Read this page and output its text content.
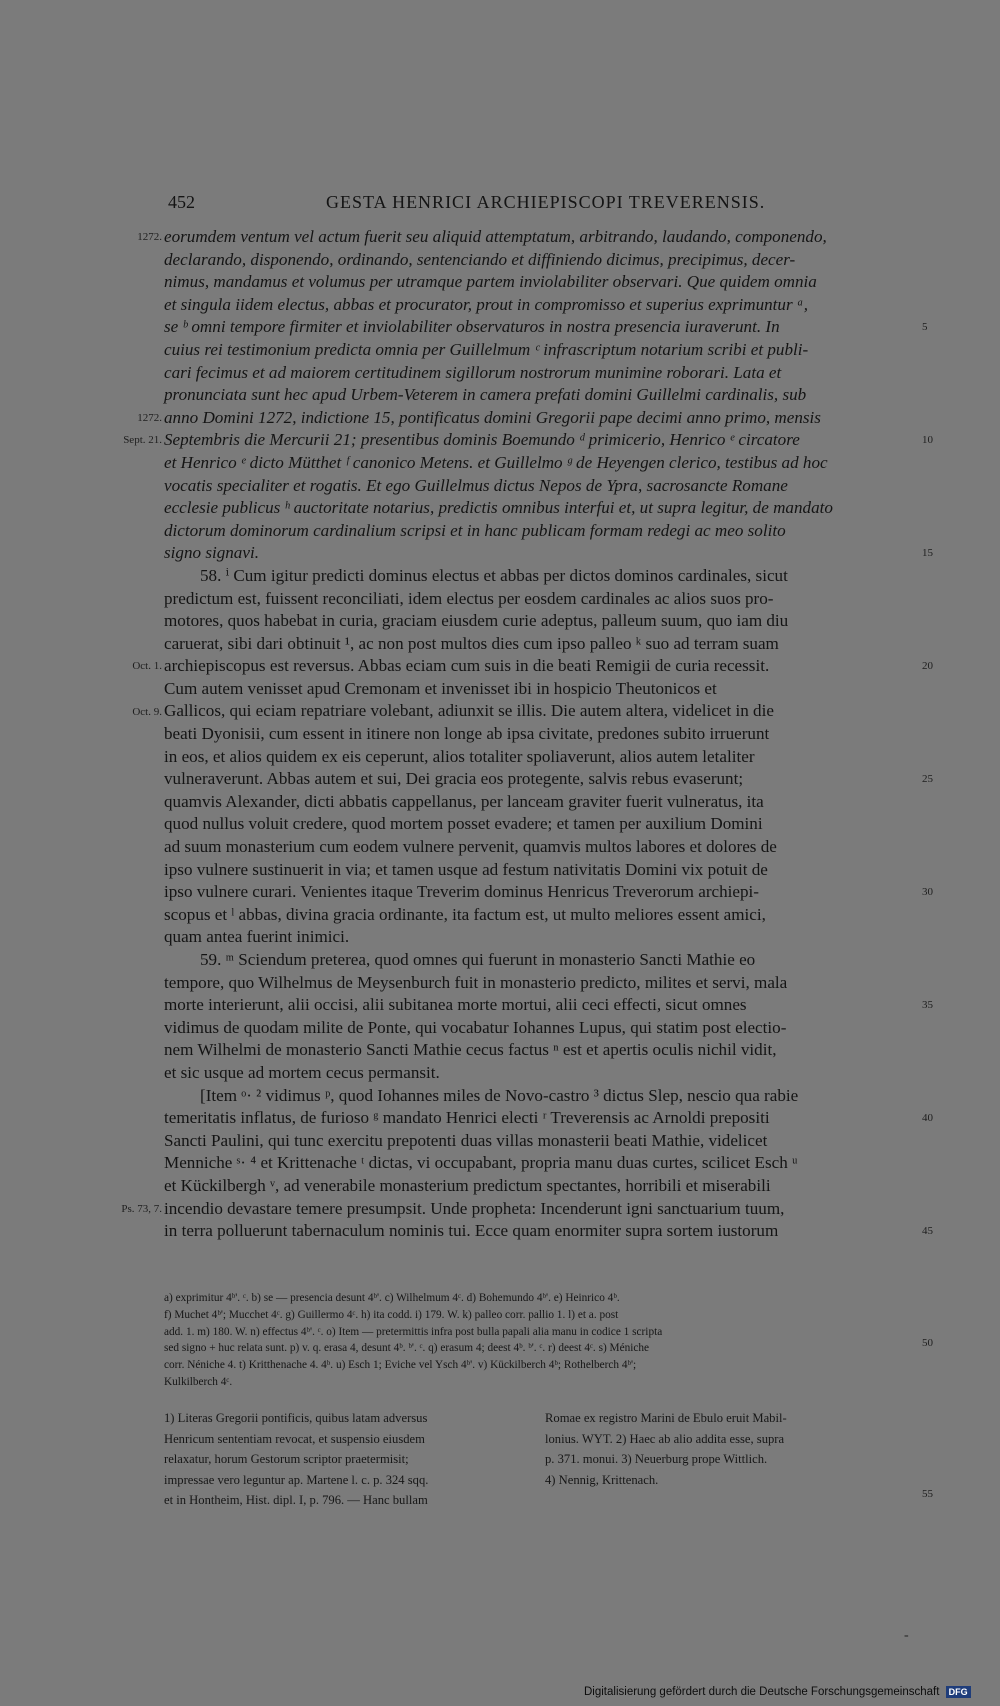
452	GESTA HENRICI ARCHIEPISCOPI TREVERENSIS.
eorumdem ventum vel actum fuerit seu aliquid attemptatum, arbitrando, laudando, componendo,
declarando, disponendo, ordinando, sentenciando et diffiniendo dicimus, precipimus, decer-
nimus, mandamus et volumus per utramque partem inviolabiliter observari. Que quidem omnia
et singula iidem electus, abbas et procurator, prout in compromisso et superius exprimuntur ᵃ,
se ᵇ omni tempore firmiter et inviolabiliter observaturos in nostra presencia iuraverunt. In
cuius rei testimonium predicta omnia per Guillelmum ᶜ infrascriptum notarium scribi et publi-
cari fecimus et ad maiorem certitudinem sigillorum nostrorum munimine roborari. Lata et
pronunciata sunt hec apud Urbem-Veterem in camera prefati domini Guillelmi cardinalis, sub
anno Domini 1272, indictione 15, pontificatus domini Gregorii pape decimi anno primo, mensis
Septembris die Mercurii 21; presentibus dominis Boemundo ᵈ primicerio, Henrico ᵉ circatore
et Henrico ᵉ dicto Mütthet ᶠ canonico Metens. et Guillelmo ᵍ de Heyengen clerico, testibus ad hoc
vocatis specialiter et rogatis. Et ego Guillelmus dictus Nepos de Ypra, sacrosancte Romane
ecclesie publicus ʰ auctoritate notarius, predictis omnibus interfui et, ut supra legitur, de mandato
dictorum dominorum cardinalium scripsi et in hanc publicam formam redegi ac meo solito
signo signavi.
58. ⁱ Cum igitur predicti dominus electus et abbas per dictos dominos cardinales, sicut
predictum est, fuissent reconciliati, idem electus per eosdem cardinales ac alios suos pro-
motores, quos habebat in curia, graciam eiusdem curie adeptus, palleum suum, quo iam diu
caruerat, sibi dari obtinuit ¹, ac non post multos dies cum ipso palleo ᵏ suo ad terram suam
archiepiscopus est reversus. Abbas eciam cum suis in die beati Remigii de curia recessit.
Cum autem venisset apud Cremonam et invenisset ibi in hospicio Theutonicos et
Gallicos, qui eciam repatriare volebant, adiunxit se illis. Die autem altera, videlicet in die
beati Dyonisii, cum essent in itinere non longe ab ipsa civitate, predones subito irruerunt
in eos, et alios quidem ex eis ceperunt, alios totaliter spoliaverunt, alios autem letaliter
vulneraverunt. Abbas autem et sui, Dei gracia eos protegente, salvis rebus evaserunt;
quamvis Alexander, dicti abbatis cappellanus, per lanceam graviter fuerit vulneratus, ita
quod nullus voluit credere, quod mortem posset evadere; et tamen per auxilium Domini
ad suum monasterium cum eodem vulnere pervenit, quamvis multos labores et dolores de
ipso vulnere sustinuerit in via; et tamen usque ad festum nativitatis Domini vix potuit de
ipso vulnere curari. Venientes itaque Treverim dominus Henricus Treverorum archiepi-
scopus et ˡ abbas, divina gracia ordinante, ita factum est, ut multo meliores essent amici,
quam antea fuerint inimici.
59. ᵐ Sciendum preterea, quod omnes qui fuerunt in monasterio Sancti Mathie eo
tempore, quo Wilhelmus de Meysenburch fuit in monasterio predicto, milites et servi, mala
morte interierunt, alii occisi, alii subitanea morte mortui, alii ceci effecti, sicut omnes
vidimus de quodam milite de Ponte, qui vocabatur Iohannes Lupus, qui statim post electio-
nem Wilhelmi de monasterio Sancti Mathie cecus factus ⁿ est et apertis oculis nichil vidit,
et sic usque ad mortem cecus permansit.
[Item ᵒ· ² vidimus ᵖ, quod Iohannes miles de Novo-castro ³ dictus Slep, nescio qua rabie
temeritatis inflatus, de furioso ᵍ mandato Henrici electi ʳ Treverensis ac Arnoldi prepositi
Sancti Paulini, qui tunc exercitu prepotenti duas villas monasterii beati Mathie, videlicet
Menniche ˢ· ⁴ et Krittenache ᵗ dictas, vi occupabant, propria manu duas curtes, scilicet Esch ᵘ
et Kückilbergh ᵛ, ad venerabile monasterium predictum spectantes, horribili et miserabili
incendio devastare temere presumpsit. Unde propheta: Incenderunt igni sanctuarium tuum,
in terra polluerunt tabernaculum nominis tui. Ecce quam enormiter supra sortem iustorum
1272.
1272.
Sept. 21.
Oct. 1.
Oct. 9.
Ps. 73, 7.
5
10
15
20
25
30
35
40
45

a) exprimitur 4ᵇ'. ᶜ. b) se — presencia desunt 4ᵇ'. c) Wilhelmum 4ᶜ. d) Bohemundo 4ᵇ'. e) Heinrico 4ᵇ.

f) Muchet 4ᵇ'; Mucchet 4ᶜ. g) Guillermo 4ᶜ. h) ita codd. i) 179. W. k) palleo corr. pallio 1. l) et a. post

add. 1. m) 180. W. n) effectus 4ᵇ'. ᶜ. o) Item — pretermittis infra post bulla papali alia manu in codice 1 scripta

sed signo + huc relata sunt. p) v. q. erasa 4, desunt 4ᵇ. ᵇ'. ᶜ. q) erasum 4; deest 4ᵇ. ᵇ'. ᶜ. r) deest 4ᶜ. s) Méniche

corr. Néniche 4. t) Kritthenache 4. 4ᵇ. u) Esch 1; Eviche vel Ysch 4ᵇ'. v) Kückilberch 4ᵇ; Rothelberch 4ᵇ';

Kulkilberch 4ᶜ.

50

1) Literas Gregorii pontificis, quibus latam adversus

Henricum sententiam revocat, et suspensio eiusdem

relaxatur, horum Gestorum scriptor praetermisit;

impressae vero leguntur ap. Martene l. c. p. 324 sqq.

et in Hontheim, Hist. dipl. I, p. 796. — Hanc bullam

Romae ex registro Marini de Ebulo eruit Mabil-

lonius. WYT. 2) Haec ab alio addita esse, supra

p. 371. monui. 3) Neuerburg prope Wittlich.

4) Nennig, Krittenach.

55
-
Digitalisierung gefördert durch die Deutsche Forschungsgemeinschaft DFG
